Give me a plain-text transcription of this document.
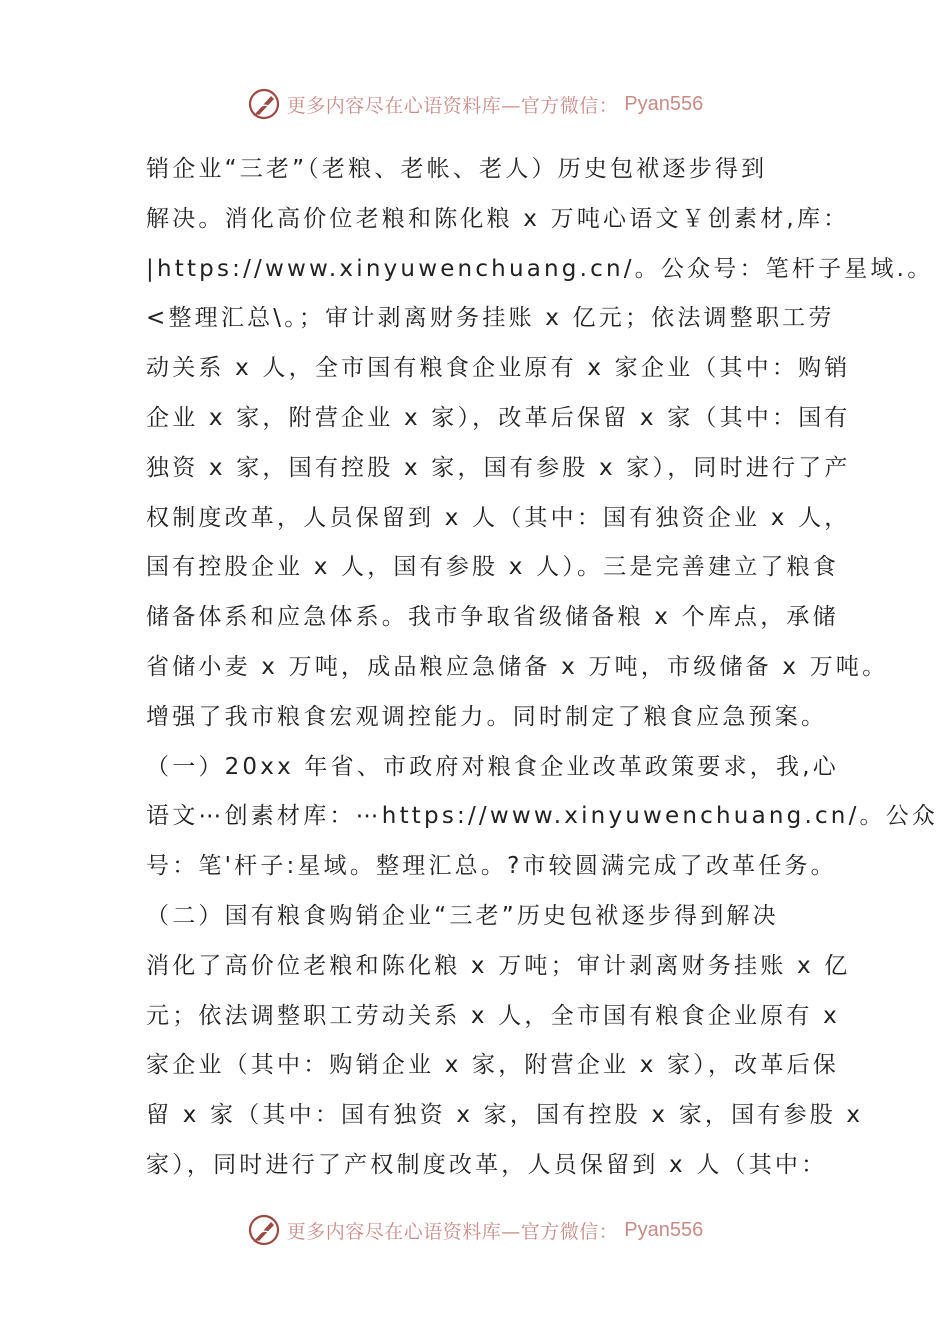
更多内容尽在心语资料库—官方微信： Pyan556
销企业“三老”（老粮、老帐、老人）历史包袱逐步得到
解决。消化高价位老粮和陈化粮 x 万吨心语文￥创素材,库：
|https://www.xinyuwenchuang.cn/。公众号：笔杆子星域.。
<整理汇总\。；审计剥离财务挂账 x 亿元；依法调整职工劳
动关系 x 人，全市国有粮食企业原有 x 家企业（其中：购销
企业 x 家，附营企业 x 家），改革后保留 x 家（其中：国有
独资 x 家，国有控股 x 家，国有参股 x 家），同时进行了产
权制度改革，人员保留到 x 人（其中：国有独资企业 x 人，
国有控股企业 x 人，国有参股 x 人）。三是完善建立了粮食
储备体系和应急体系。我市争取省级储备粮 x 个库点，承储
省储小麦 x 万吨，成品粮应急储备 x 万吨，市级储备 x 万吨。
增强了我市粮食宏观调控能力。同时制定了粮食应急预案。
（一）20xx 年省、市政府对粮食企业改革政策要求，我,心
语文⋯创素材库：⋯https://www.xinyuwenchuang.cn/。公众
号：笔'杆子:星域。整理汇总。?市较圆满完成了改革任务。
（二）国有粮食购销企业“三老”历史包袱逐步得到解决
消化了高价位老粮和陈化粮 x 万吨；审计剥离财务挂账 x 亿
元；依法调整职工劳动关系 x 人，全市国有粮食企业原有 x
家企业（其中：购销企业 x 家，附营企业 x 家），改革后保
留 x 家（其中：国有独资 x 家，国有控股 x 家，国有参股 x
家），同时进行了产权制度改革，人员保留到 x 人（其中：
更多内容尽在心语资料库—官方微信： Pyan556
